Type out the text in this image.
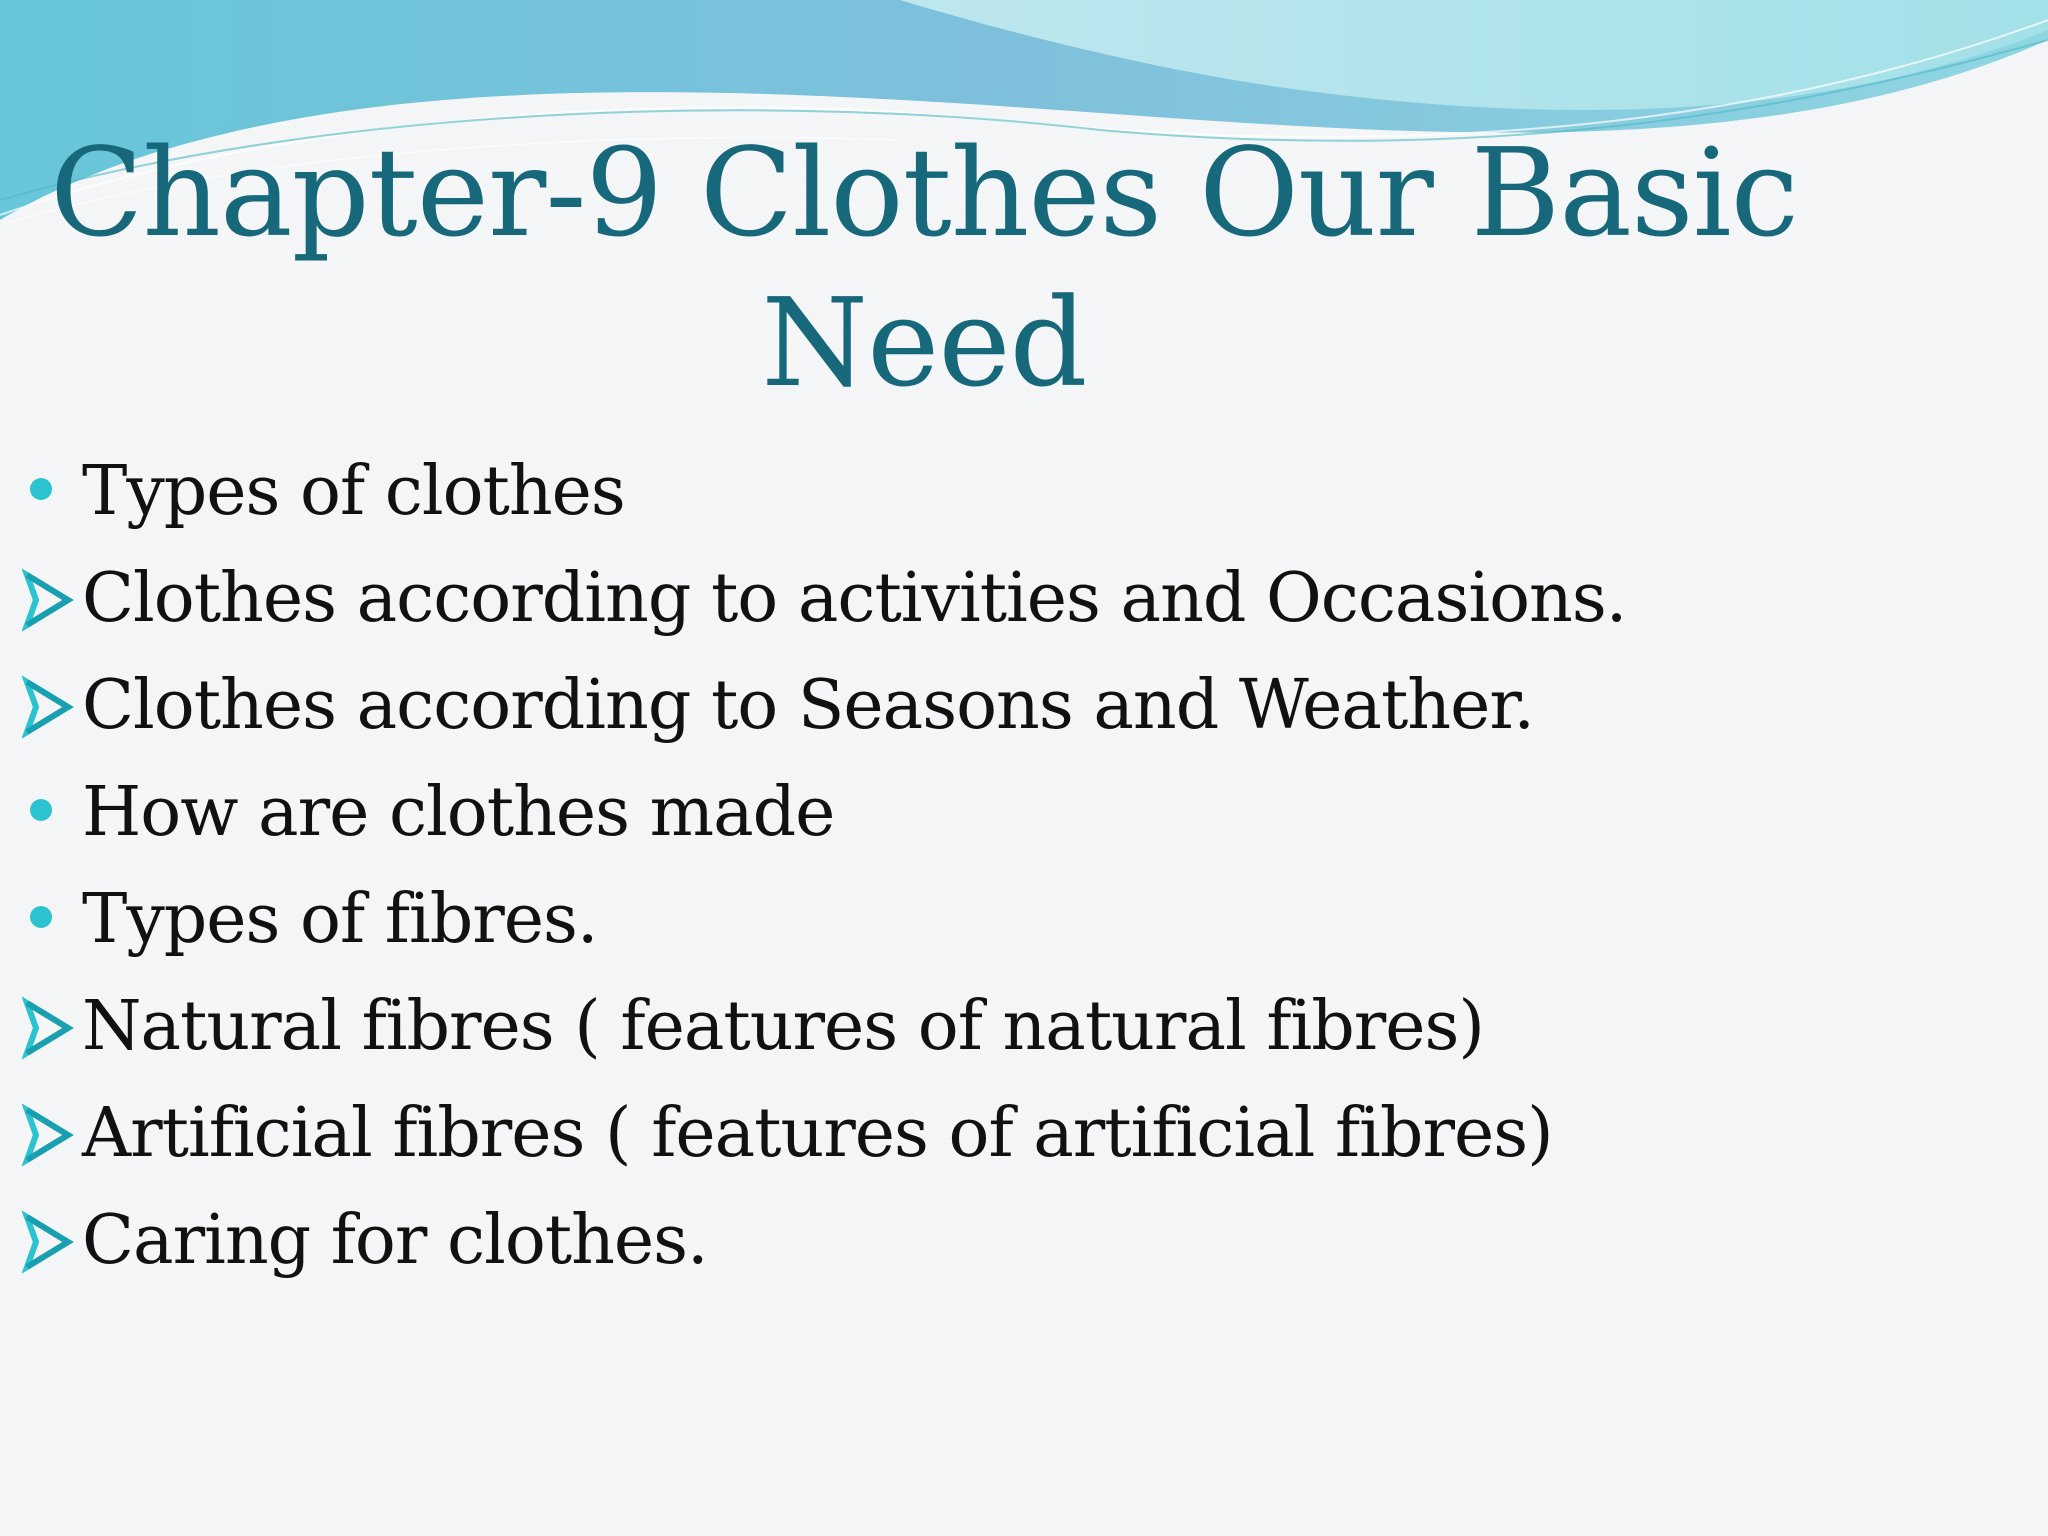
Chapter-9 Clothes Our Basic Need
Types of clothes
Clothes according to activities and Occasions.
Clothes according to Seasons and Weather.
How are clothes made
Types of fibres.
Natural fibres ( features of natural fibres)
Artificial fibres ( features of artificial fibres)
Caring for clothes.
